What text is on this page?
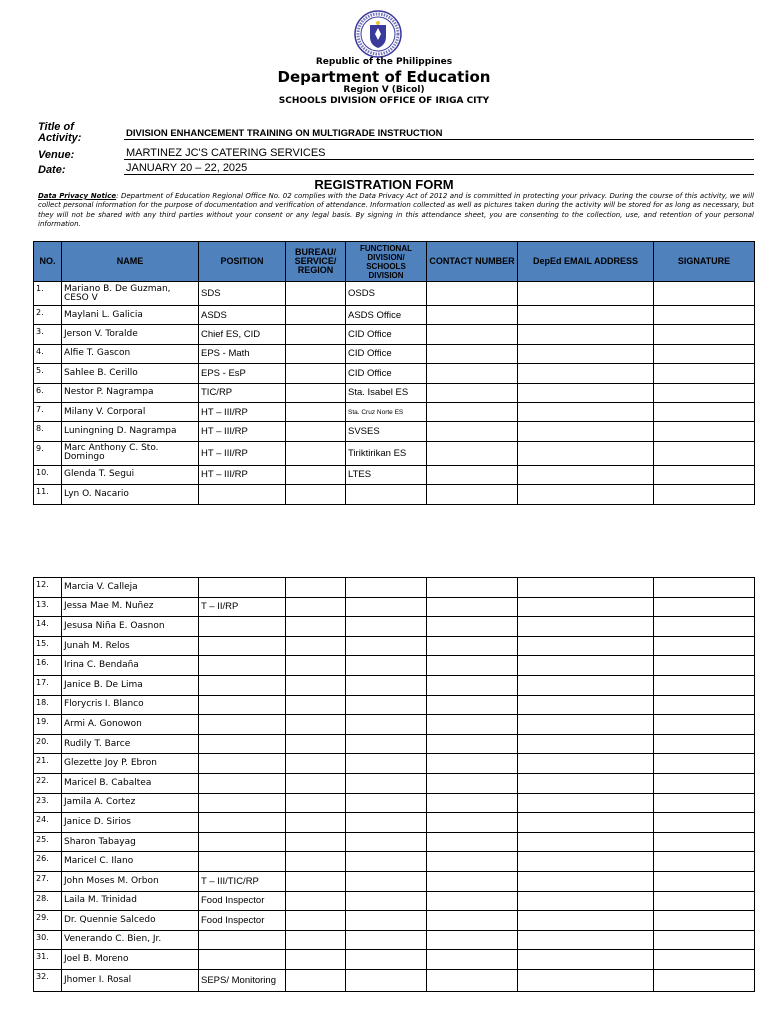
Republic of the Philippines
Department of Education
Region V (Bicol)
SCHOOLS DIVISION OFFICE OF IRIGA CITY
Title of Activity:	DIVISION ENHANCEMENT TRAINING ON MULTIGRADE INSTRUCTION
Venue:	MARTINEZ JC'S CATERING SERVICES
Date:	JANUARY 20 – 22, 2025
REGISTRATION FORM
Data Privacy Notice: Department of Education Regional Office No. 02 complies with the Data Privacy Act of 2012 and is committed in protecting your privacy. During the course of this activity, we will collect personal information for the purpose of documentation and verification of attendance. Information collected as well as pictures taken during the activity will be stored for as long as necessary, but they will not be shared with any third parties without your consent or any legal basis. By signing in this attendance sheet, you are consenting to the collection, use, and retention of your personal information.
NO.	NAME	POSITION	BUREAU/ SERVICE/ REGION	FUNCTIONAL DIVISION/ SCHOOLS DIVISION	CONTACT NUMBER	DepEd EMAIL ADDRESS	SIGNATURE
1.	Mariano B. De Guzman, CESO V	SDS		OSDS			
2.	Maylani L. Galicia	ASDS		ASDS Office			
3.	Jerson V. Toralde	Chief ES, CID		CID Office			
4.	Alfie T. Gascon	EPS - Math		CID Office			
5.	Sahlee B. Cerillo	EPS - EsP		CID Office			
6.	Nestor P. Nagrampa	TIC/RP		Sta. Isabel ES			
7.	Milany V. Corporal	HT – III/RP		Sta. Cruz Norte ES			
8.	Luningning D. Nagrampa	HT – III/RP		SVSES			
9.	Marc Anthony C. Sto. Domingo	HT – III/RP		Tiriktirikan ES			
10.	Glenda T. Segui	HT – III/RP		LTES			
11.	Lyn O. Nacario						
12.	Marcia V. Calleja						
13.	Jessa Mae M. Nuñez	T – II/RP					
14.	Jesusa Niña E. Oasnon						
15.	Junah M. Relos						
16.	Irina C. Bendaña						
17.	Janice B. De Lima						
18.	Florycris I. Blanco						
19.	Armi A. Gonowon						
20.	Rudily T. Barce						
21.	Glezette Joy P. Ebron						
22.	Maricel B. Cabaltea						
23.	Jamila A. Cortez						
24.	Janice D. Sirios						
25.	Sharon Tabayag						
26.	Maricel C. Ilano						
27.	John Moses M. Orbon	T – III/TIC/RP					
28.	Laila M. Trinidad	Food Inspector					
29.	Dr. Quennie Salcedo	Food Inspector					
30.	Venerando C. Bien, Jr.						
31.	Joel B. Moreno						
32.	Jhomer I. Rosal	SEPS/ Monitoring					
